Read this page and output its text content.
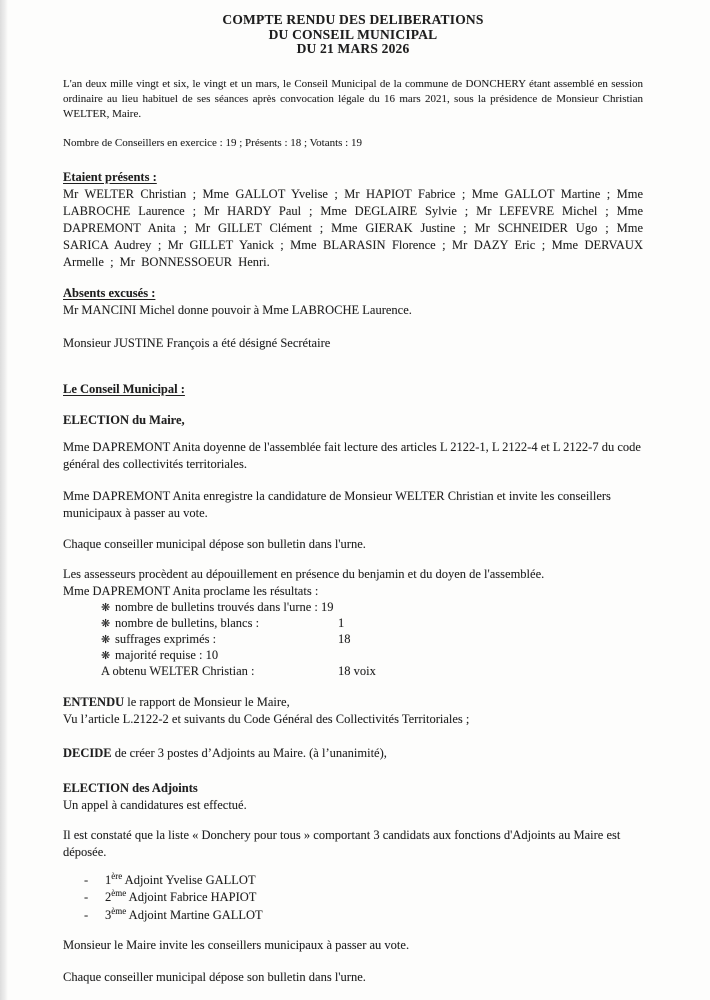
COMPTE RENDU DES DELIBERATIONS
DU CONSEIL MUNICIPAL
DU 21 MARS 2026

L'an deux mille vingt et six, le vingt et un mars, le Conseil Municipal de la commune de DONCHERY étant assemblé en session ordinaire au lieu habituel de ses séances après convocation légale du 16 mars 2021, sous la présidence de Monsieur Christian WELTER, Maire.

Nombre de Conseillers en exercice : 19 ; Présents : 18 ; Votants : 19

Etaient présents :

Mr WELTER Christian ; Mme GALLOT Yvelise ; Mr HAPIOT Fabrice ; Mme GALLOT Martine ; Mme LABROCHE Laurence ; Mr HARDY Paul ; Mme DEGLAIRE Sylvie ; Mr LEFEVRE Michel ; Mme DAPREMONT Anita ; Mr GILLET Clément ; Mme GIERAK Justine ; Mr SCHNEIDER Ugo ; Mme SARICA Audrey ; Mr GILLET Yanick ; Mme BLARASIN Florence ; Mr DAZY Eric ; Mme DERVAUX Armelle ; Mr BONNESSOEUR Henri.

Absents excusés :

Mr MANCINI Michel donne pouvoir à Mme LABROCHE Laurence.

Monsieur JUSTINE François a été désigné Secrétaire

Le Conseil Municipal :

ELECTION du Maire,

Mme DAPREMONT Anita doyenne de l'assemblée fait lecture des articles L 2122-1, L 2122-4 et L 2122-7 du code général des collectivités territoriales.

Mme DAPREMONT Anita enregistre la candidature de Monsieur WELTER Christian et invite les conseillers municipaux à passer au vote.

Chaque conseiller municipal dépose son bulletin dans l'urne.

Les assesseurs procèdent au dépouillement en présence du benjamin et du doyen de l'assemblée.
Mme DAPREMONT Anita proclame les résultats :

❋ nombre de bulletins trouvés dans l'urne : 19
❋ nombre de bulletins, blancs :	1
❋ suffrages exprimés :	18
❋ majorité requise : 10
A obtenu WELTER Christian :	18 voix

ENTENDU le rapport de Monsieur le Maire,
Vu l’article L.2122-2 et suivants du Code Général des Collectivités Territoriales ;

DECIDE de créer 3 postes d’Adjoints au Maire. (à l’unanimité),

ELECTION des Adjoints

Un appel à candidatures est effectué.

Il est constaté que la liste « Donchery pour tous » comportant 3 candidats aux fonctions d'Adjoints au Maire est déposée.

- 1ère Adjoint Yvelise GALLOT
- 2ème Adjoint Fabrice HAPIOT
- 3ème Adjoint Martine GALLOT

Monsieur le Maire invite les conseillers municipaux à passer au vote.

Chaque conseiller municipal dépose son bulletin dans l'urne.
